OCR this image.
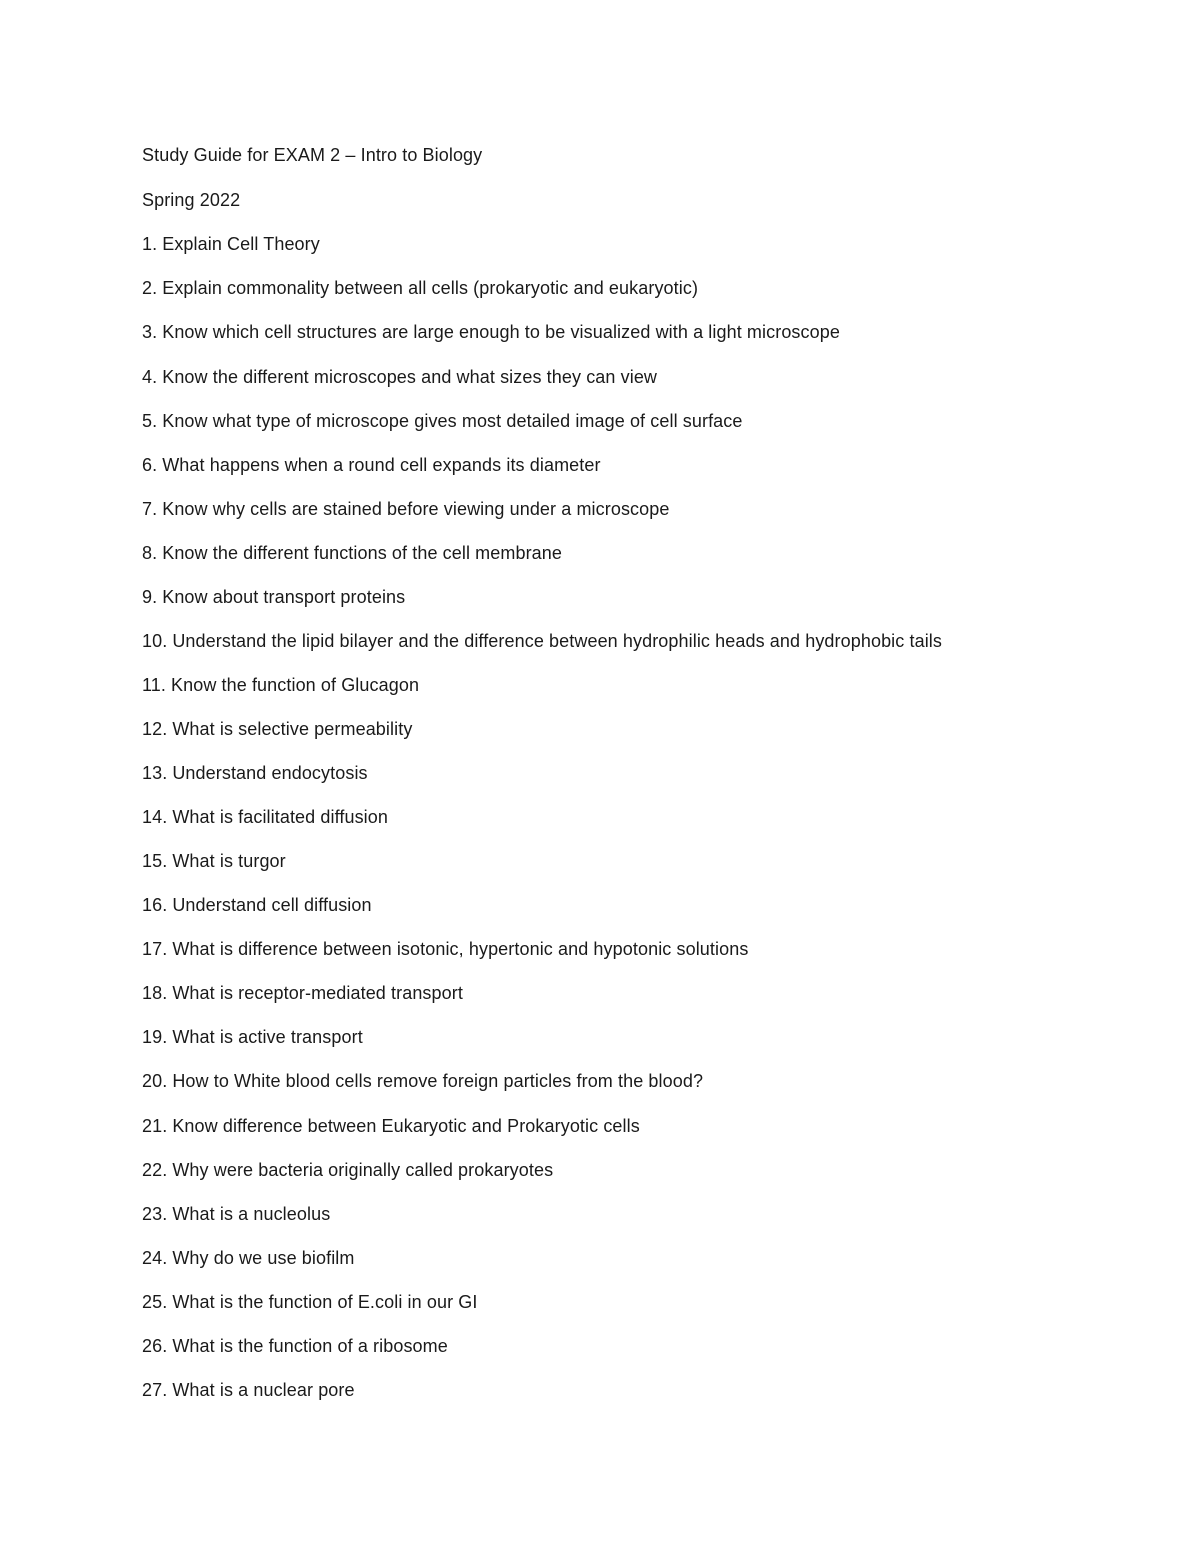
Study Guide for EXAM 2 – Intro to Biology
Spring 2022
1. Explain Cell Theory
2. Explain commonality between all cells (prokaryotic and eukaryotic)
3. Know which cell structures are large enough to be visualized with a light microscope
4. Know the different microscopes and what sizes they can view
5. Know what type of microscope gives most detailed image of cell surface
6. What happens when a round cell expands its diameter
7. Know why cells are stained before viewing under a microscope
8. Know the different functions of the cell membrane
9. Know about transport proteins
10. Understand the lipid bilayer and the difference between hydrophilic heads and hydrophobic tails
11. Know the function of Glucagon
12. What is selective permeability
13. Understand endocytosis
14. What is facilitated diffusion
15. What is turgor
16. Understand cell diffusion
17. What is difference between isotonic, hypertonic and hypotonic solutions
18. What is receptor-mediated transport
19. What is active transport
20. How to White blood cells remove foreign particles from the blood?
21. Know difference between Eukaryotic and Prokaryotic cells
22. Why were bacteria originally called prokaryotes
23. What is a nucleolus
24. Why do we use biofilm
25. What is the function of E.coli in our GI
26. What is the function of a ribosome
27. What is a nuclear pore
